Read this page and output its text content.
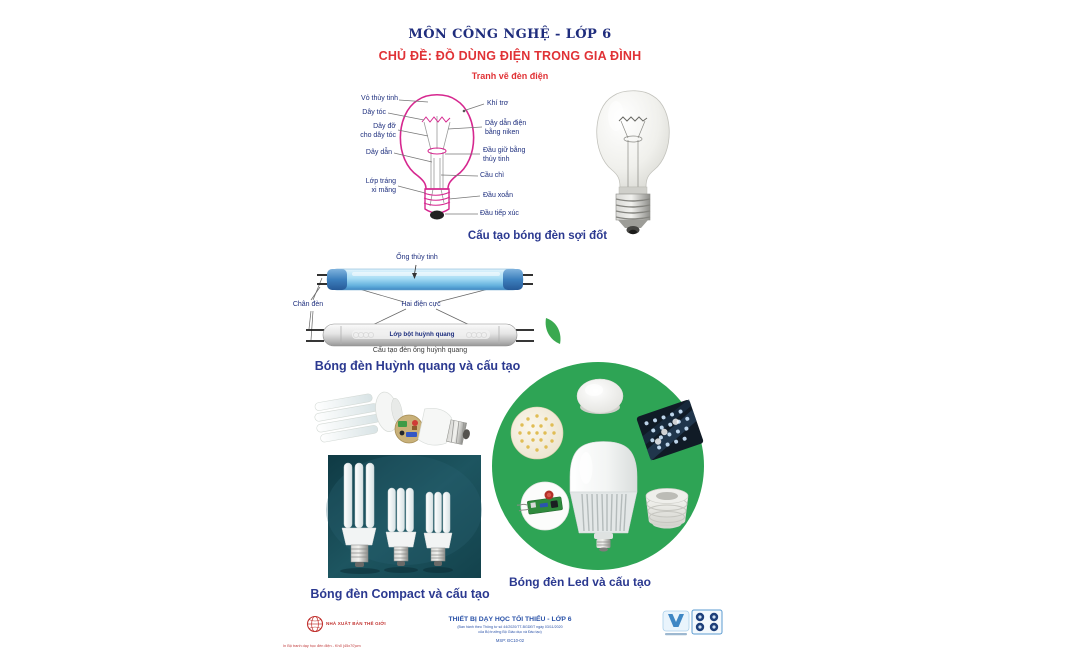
MÔN CÔNG NGHỆ - LỚP 6
CHỦ ĐỀ: ĐỒ DÙNG ĐIỆN TRONG GIA ĐÌNH
Tranh vẽ đèn điện
Vỏ thủy tinh
Dây tóc
Dây đỡ
cho dây tóc
Dây dẫn
Lớp tráng
xi măng
Khí trơ
Dây dẫn điện
bằng niken
Đầu giữ bằng
thủy tinh
Cầu chì
Đầu xoắn
Đầu tiếp xúc
Cấu tạo bóng đèn sợi đốt
Ống thủy tinh
Chân đèn	Hai điện cực
Lớp bột huỳnh quang
Cấu tạo đèn ống huỳnh quang
Bóng đèn Huỳnh quang và cấu tạo
Bóng đèn Compact và cấu tạo
Bóng đèn Led và cấu tạo
NHÀ XUẤT BẢN THẾ GIỚI
THIẾT BỊ DẠY HỌC TỐI THIỂU - LỚP 6
(Ban hành theo Thông tư số 44/2020/TT-BGDĐT ngày 03/11/2020
của Bộ trưởng Bộ Giáo dục và Đào tạo)
MSP: ĐC10-02
In Bộ tranh dạy học đèn điện - Khổ (45x70)cm
